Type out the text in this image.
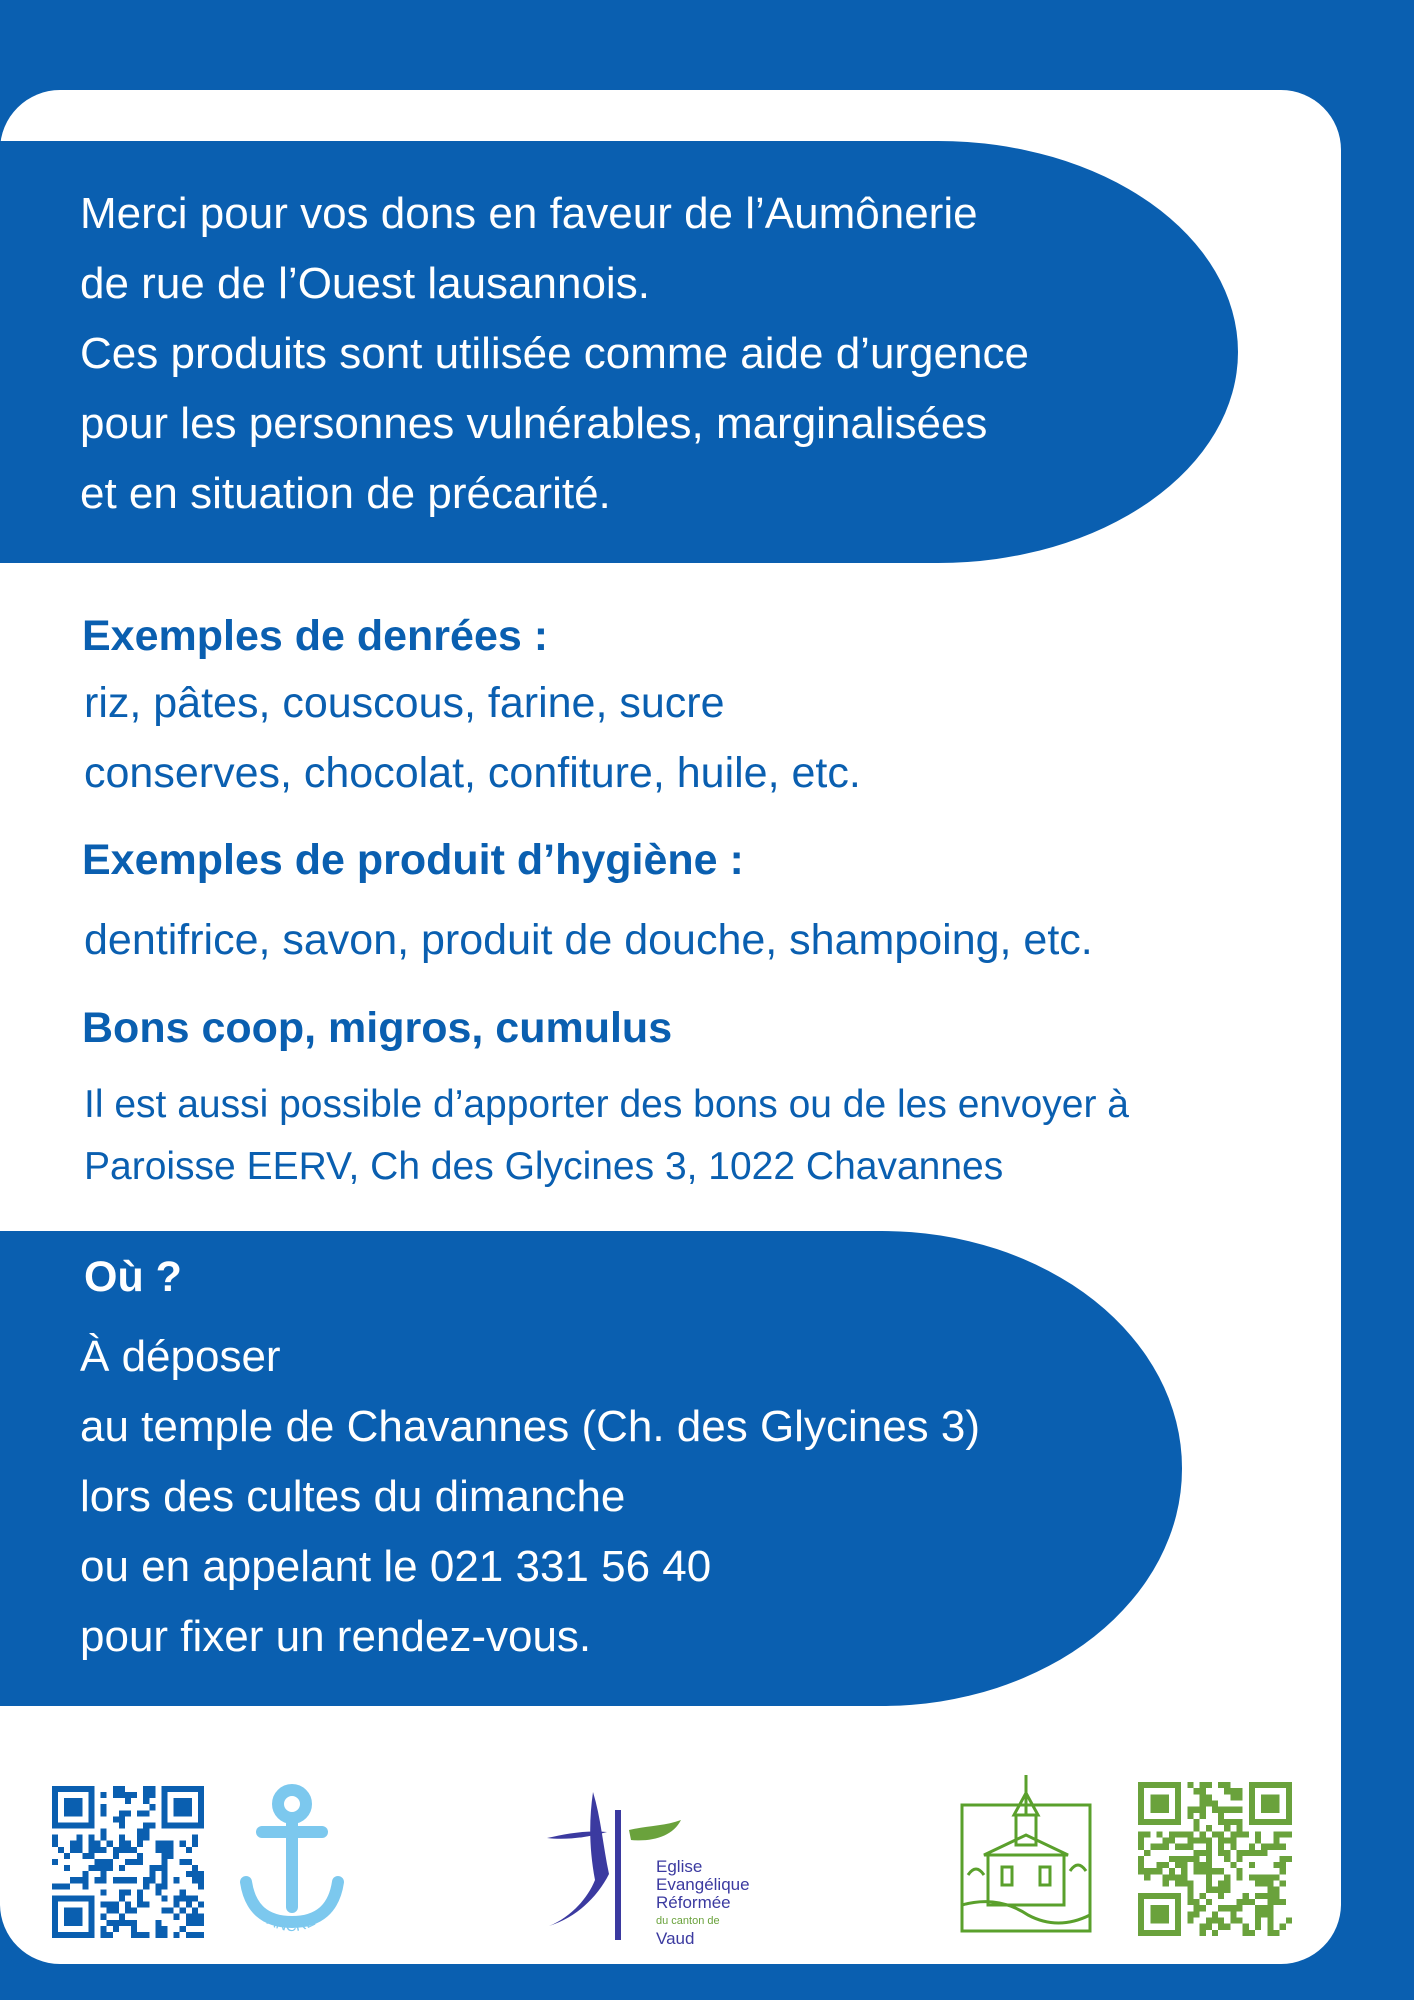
Merci pour vos dons en faveur de l’Aumônerie
de rue de l’Ouest lausannois.
Ces produits sont utilisée comme aide d’urgence
pour les personnes vulnérables, marginalisées
et en situation de précarité.
Exemples de denrées :
riz, pâtes, couscous, farine, sucre
conserves, chocolat, confiture, huile, etc.
Exemples de produit d’hygiène :
dentifrice, savon, produit de douche, shampoing, etc.
Bons coop, migros, cumulus
Il est aussi possible d’apporter des bons ou de les envoyer à
Paroisse EERV, Ch des Glycines 3, 1022 Chavannes
Où ?
À déposer
au temple de Chavannes (Ch. des Glycines 3)
lors des cultes du dimanche
ou en appelant le 021 331 56 40
pour fixer un rendez-vous.
L’ANCRE
Eglise
Evangélique
Réformée
du canton de
Vaud
